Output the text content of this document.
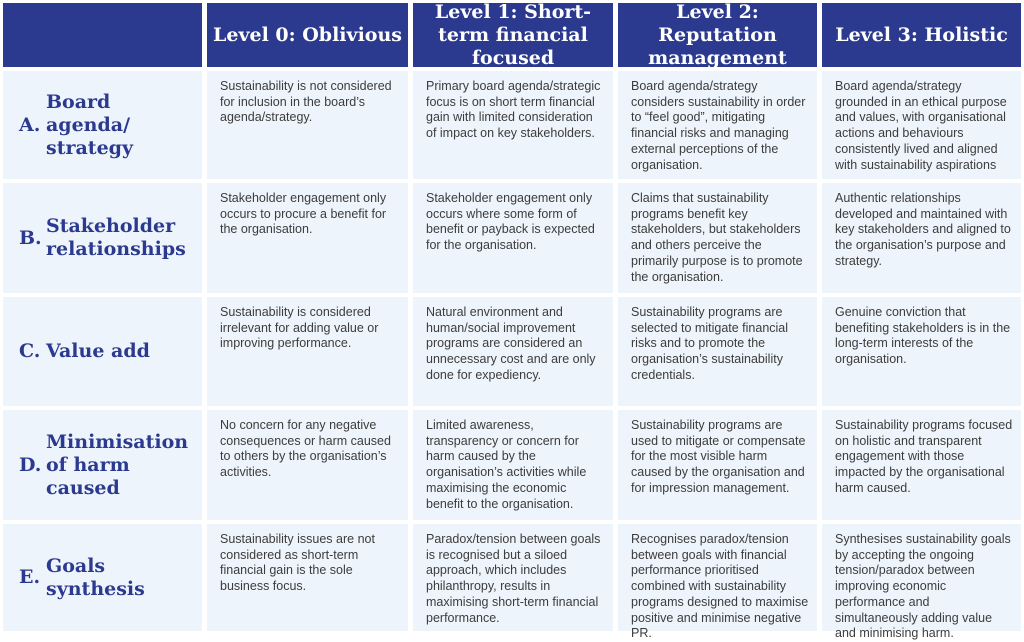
Level 0: Oblivious
Level 1: Short-term financial focused
Level 2: Reputation management
Level 3: Holistic
A.
Board agenda/ strategy
Sustainability is not considered for inclusion in the board’s agenda/strategy.
Primary board agenda/strategic focus is on short term financial gain with limited consideration of impact on key stakeholders.
Board agenda/strategy considers sustainability in order to “feel good”, mitigating financial risks and managing external perceptions of the organisation.
Board agenda/strategy grounded in an ethical purpose and values, with organisational actions and behaviours consistently lived and aligned with sustainability aspirations
B.
Stakeholder relationships
Stakeholder engagement only occurs to procure a benefit for the organisation.
Stakeholder engagement only occurs where some form of benefit or payback is expected for the organisation.
Claims that sustainability programs benefit key stakeholders, but stakeholders and others perceive the primarily purpose is to promote the organisation.
Authentic relationships developed and maintained with key stakeholders and aligned to the organisation’s purpose and strategy.
C. Value add
Sustainability is considered irrelevant for adding value or improving performance.
Natural environment and human/social improvement programs are considered an unnecessary cost and are only done for expediency.
Sustainability programs are selected to mitigate financial risks and to promote the organisation’s sustainability credentials.
Genuine conviction that benefiting stakeholders is in the long-term interests of the organisation.
D.
Minimisation of harm caused
No concern for any negative consequences or harm caused to others by the organisation’s activities.
Limited awareness, transparency or concern for harm caused by the organisation’s activities while maximising the economic benefit to the organisation.
Sustainability programs are used to mitigate or compensate for the most visible harm caused by the organisation and for impression management.
Sustainability programs focused on holistic and transparent engagement with those impacted by the organisational harm caused.
E.
Goals synthesis
Sustainability issues are not considered as short-term financial gain is the sole business focus.
Paradox/tension between goals is recognised but a siloed approach, which includes philanthropy, results in maximising short-term financial performance.
Recognises paradox/tension between goals with financial performance prioritised combined with sustainability programs designed to maximise positive and minimise negative PR.
Synthesises sustainability goals by accepting the ongoing tension/paradox between improving economic performance and simultaneously adding value and minimising harm.
